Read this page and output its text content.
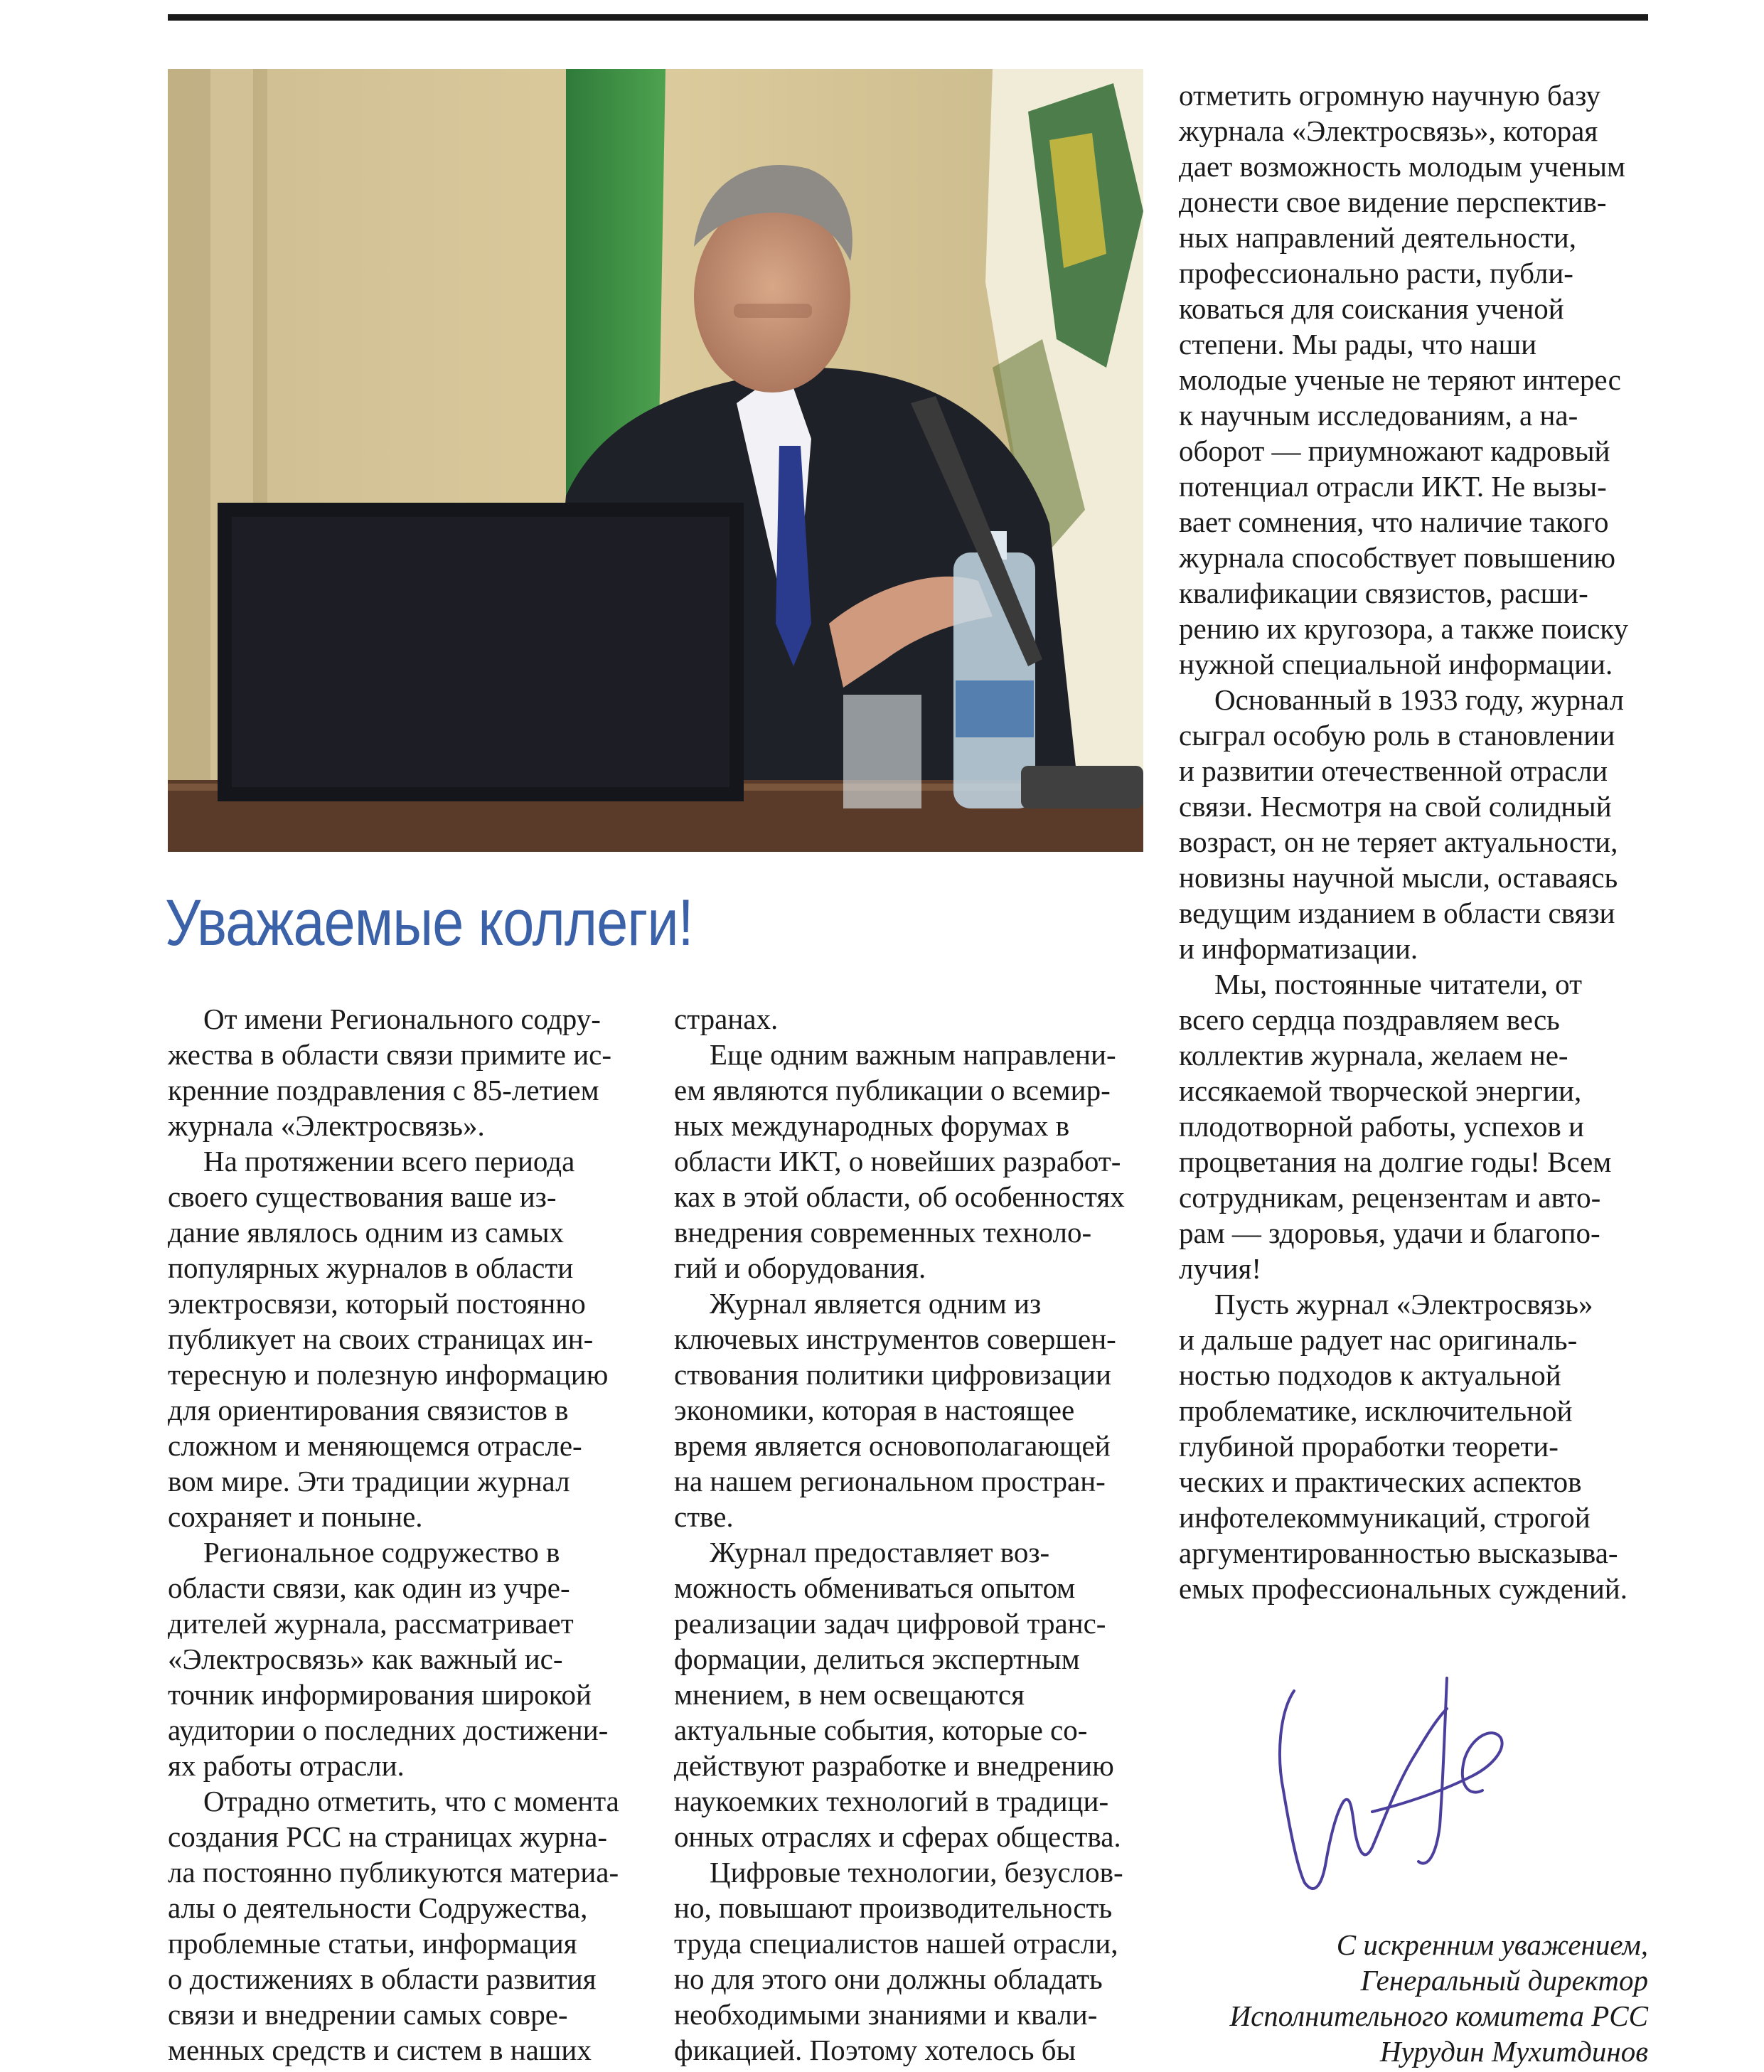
Уважаемые коллеги!

От имени Регионального содру-
жества в области связи примите ис-
кренние поздравления с 85-летием
журнала «Электросвязь».

На протяжении всего периода
своего существования ваше из-
дание являлось одним из самых
популярных журналов в области
электросвязи, который постоянно
публикует на своих страницах ин-
тересную и полезную информацию
для ориентирования связистов в
сложном и меняющемся отрасле-
вом мире. Эти традиции журнал
сохраняет и поныне.

Региональное содружество в
области связи, как один из учре-
дителей журнала, рассматривает
«Электросвязь» как важный ис-
точник информирования широкой
аудитории о последних достижени-
ях работы отрасли.

Отрадно отметить, что с момента
создания РСС на страницах журна-
ла постоянно публикуются материа-
алы о деятельности Содружества,
проблемные статьи, информация
о достижениях в области развития
связи и внедрении самых совре-
менных средств и систем в наших

странах.

Еще одним важным направлени-
ем являются публикации о всемир-
ных международных форумах в
области ИКТ, о новейших разработ-
ках в этой области, об особенностях
внедрения современных техноло-
гий и оборудования.

Журнал является одним из
ключевых инструментов совершен-
ствования политики цифровизации
экономики, которая в настоящее
время является основополагающей
на нашем региональном простран-
стве.

Журнал предоставляет воз-
можность обмениваться опытом
реализации задач цифровой транс-
формации, делиться экспертным
мнением, в нем освещаются
актуальные события, которые со-
действуют разработке и внедрению
наукоемких технологий в традици-
онных отраслях и сферах общества.

Цифровые технологии, безуслов-
но, повышают производительность
труда специалистов нашей отрасли,
но для этого они должны обладать
необходимыми знаниями и квали-
фикацией. Поэтому хотелось бы

отметить огромную научную базу
журнала «Электросвязь», которая
дает возможность молодым ученым
донести свое видение перспектив-
ных направлений деятельности,
профессионально расти, публи-
коваться для соискания ученой
степени. Мы рады, что наши
молодые ученые не теряют интерес
к научным исследованиям, а на-
оборот — приумножают кадровый
потенциал отрасли ИКТ. Не вызы-
вает сомнения, что наличие такого
журнала способствует повышению
квалификации связистов, расши-
рению их кругозора, а также поиску
нужной специальной информации.

Основанный в 1933 году, журнал
сыграл особую роль в становлении
и развитии отечественной отрасли
связи. Несмотря на свой солидный
возраст, он не теряет актуальности,
новизны научной мысли, оставаясь
ведущим изданием в области связи
и информатизации.

Мы, постоянные читатели, от
всего сердца поздравляем весь
коллектив журнала, желаем не-
иссякаемой творческой энергии,
плодотворной работы, успехов и
процветания на долгие годы! Всем
сотрудникам, рецензентам и авто-
рам — здоровья, удачи и благопо-
лучия!

Пусть журнал «Электросвязь»
и дальше радует нас оригиналь-
ностью подходов к актуальной
проблематике, исключительной
глубиной проработки теорети-
ческих и практических аспектов
инфотелекоммуникаций, строгой
аргументированностью высказыва-
емых профессиональных суждений.

С искренним уважением,
Генеральный директор
Исполнительного комитета РСС
Нурудин Мухитдинов
